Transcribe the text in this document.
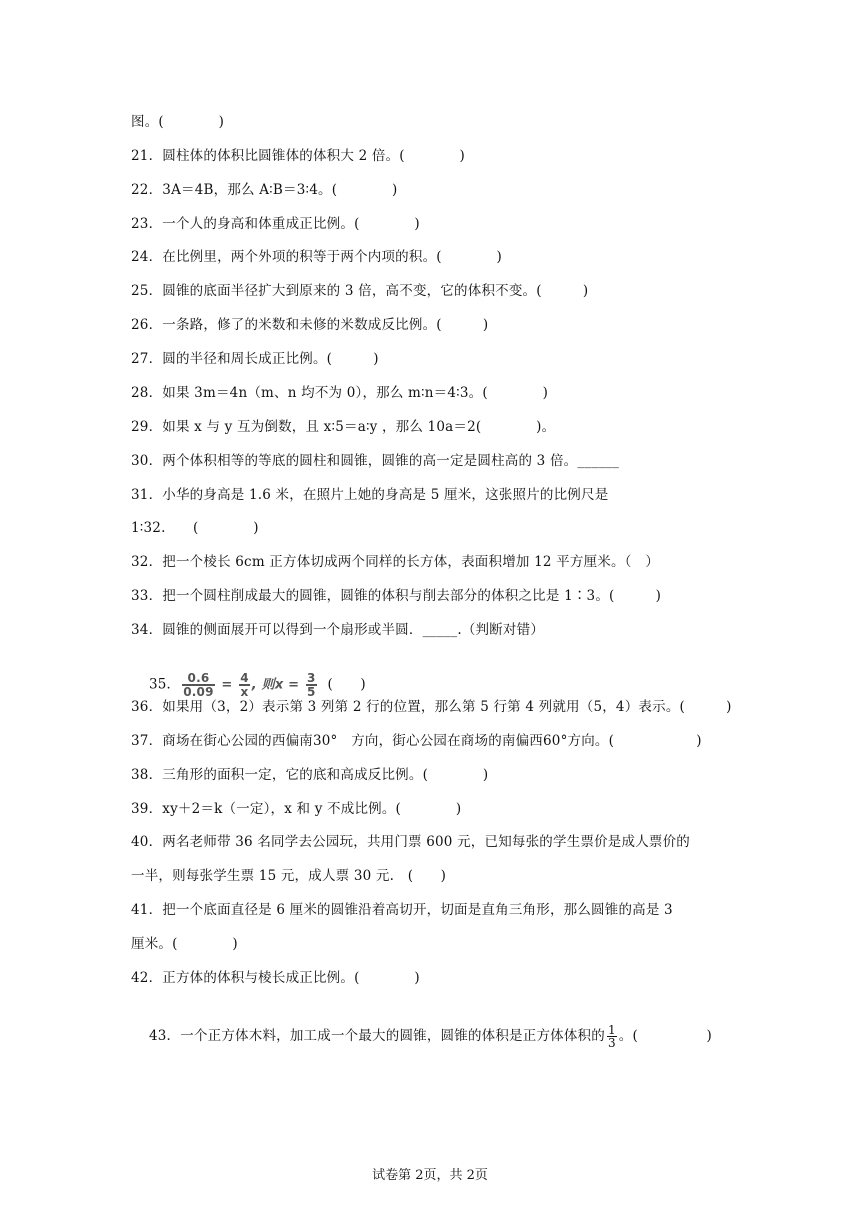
图。(　　　　)
21．圆柱体的体积比圆锥体的体积大 2 倍。(　　　　)
22．3A＝4B，那么 A∶B＝3∶4。(　　　　)
23．一个人的身高和体重成正比例。(　　　　)
24．在比例里，两个外项的积等于两个内项的积。(　　　　)
25．圆锥的底面半径扩大到原来的 3 倍，高不变，它的体积不变。(　　　)
26．一条路，修了的米数和未修的米数成反比例。(　　　)
27．圆的半径和周长成正比例。(　　　)
28．如果 3m＝4n（m、n 均不为 0），那么 m∶n＝4∶3。(　　　　)
29．如果 x 与 y 互为倒数，且 x∶5＝a∶y ，那么 10a＝2(　　　　)。
30．两个体积相等的等底的圆柱和圆锥，圆锥的高一定是圆柱高的 3 倍。______
31．小华的身高是 1.6 米，在照片上她的身高是 5 厘米，这张照片的比例尺是
1∶32.　　(　　　　)
32．把一个棱长 6cm 正方体切成两个同样的长方体，表面积增加 12 平方厘米。（　）
33．把一个圆柱削成最大的圆锥，圆锥的体积与削去部分的体积之比是 1∶3。(　　　)
34．圆锥的侧面展开可以得到一个扇形或半圆．_____.（判断对错）

35． $\frac{0.6}{0.09} = \frac{4}{x}$ , 则$x = \frac{3}{5}$ (　　)

36．如果用（3，2）表示第 3 列第 2 行的位置，那么第 5 行第 4 列就用（5，4）表示。(　　　)
37．商场在街心公园的西偏南30°　方向，街心公园在商场的南偏西60°方向。(　　　　　　)
38．三角形的面积一定，它的底和高成反比例。(　　　　)
39．xy＋2＝k（一定），x 和 y 不成比例。(　　　　)
40．两名老师带 36 名同学去公园玩，共用门票 600 元，已知每张的学生票价是成人票价的
一半，则每张学生票 15 元，成人票 30 元.　(　　)
41．把一个底面直径是 6 厘米的圆锥沿着高切开，切面是直角三角形，那么圆锥的高是 3
厘米。(　　　　)
42．正方体的体积与棱长成正比例。(　　　　)

43．一个正方体木料，加工成一个最大的圆锥，圆锥的体积是正方体体积的 $\frac{1}{3}$ 。(　　　　　)

试卷第 2页，共 2页
